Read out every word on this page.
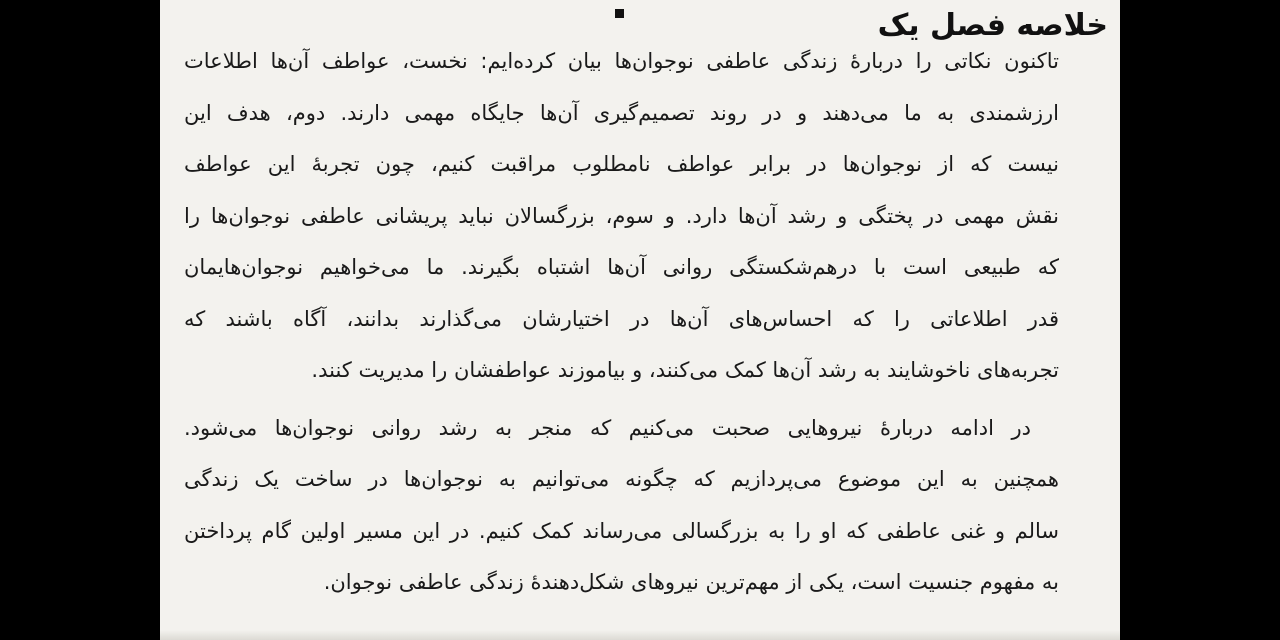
خلاصه فصل یک

تاکنون نکاتی را دربارهٔ زندگی عاطفی نوجوان‌ها بیان کرده‌ایم: نخست، عواطف آن‌ها اطلاعات
ارزشمندی به ما می‌دهند و در روند تصمیم‌گیری آن‌ها جایگاه مهمی دارند. دوم، هدف این
نیست که از نوجوان‌ها در برابر عواطف نامطلوب مراقبت کنیم، چون تجربهٔ این عواطف
نقش مهمی در پختگی و رشد آن‌ها دارد. و سوم، بزرگسالان نباید پریشانی عاطفی نوجوان‌ها را
که طبیعی است با درهم‌شکستگی روانی آن‌ها اشتباه بگیرند. ما می‌خواهیم نوجوان‌هایمان
قدر اطلاعاتی را که احساس‌های آن‌ها در اختیارشان می‌گذارند بدانند، آگاه باشند که
تجربه‌های ناخوشایند به رشد آن‌ها کمک می‌کنند، و بیاموزند عواطفشان را مدیریت کنند.

در ادامه دربارهٔ نیروهایی صحبت می‌کنیم که منجر به رشد روانی نوجوان‌ها می‌شود.
همچنین به این موضوع می‌پردازیم که چگونه می‌توانیم به نوجوان‌ها در ساخت یک زندگی
سالم و غنی عاطفی که او را به بزرگسالی می‌رساند کمک کنیم. در این مسیر اولین گام پرداختن
به مفهوم جنسیت است، یکی از مهم‌ترین نیروهای شکل‌دهندهٔ زندگی عاطفی نوجوان.
